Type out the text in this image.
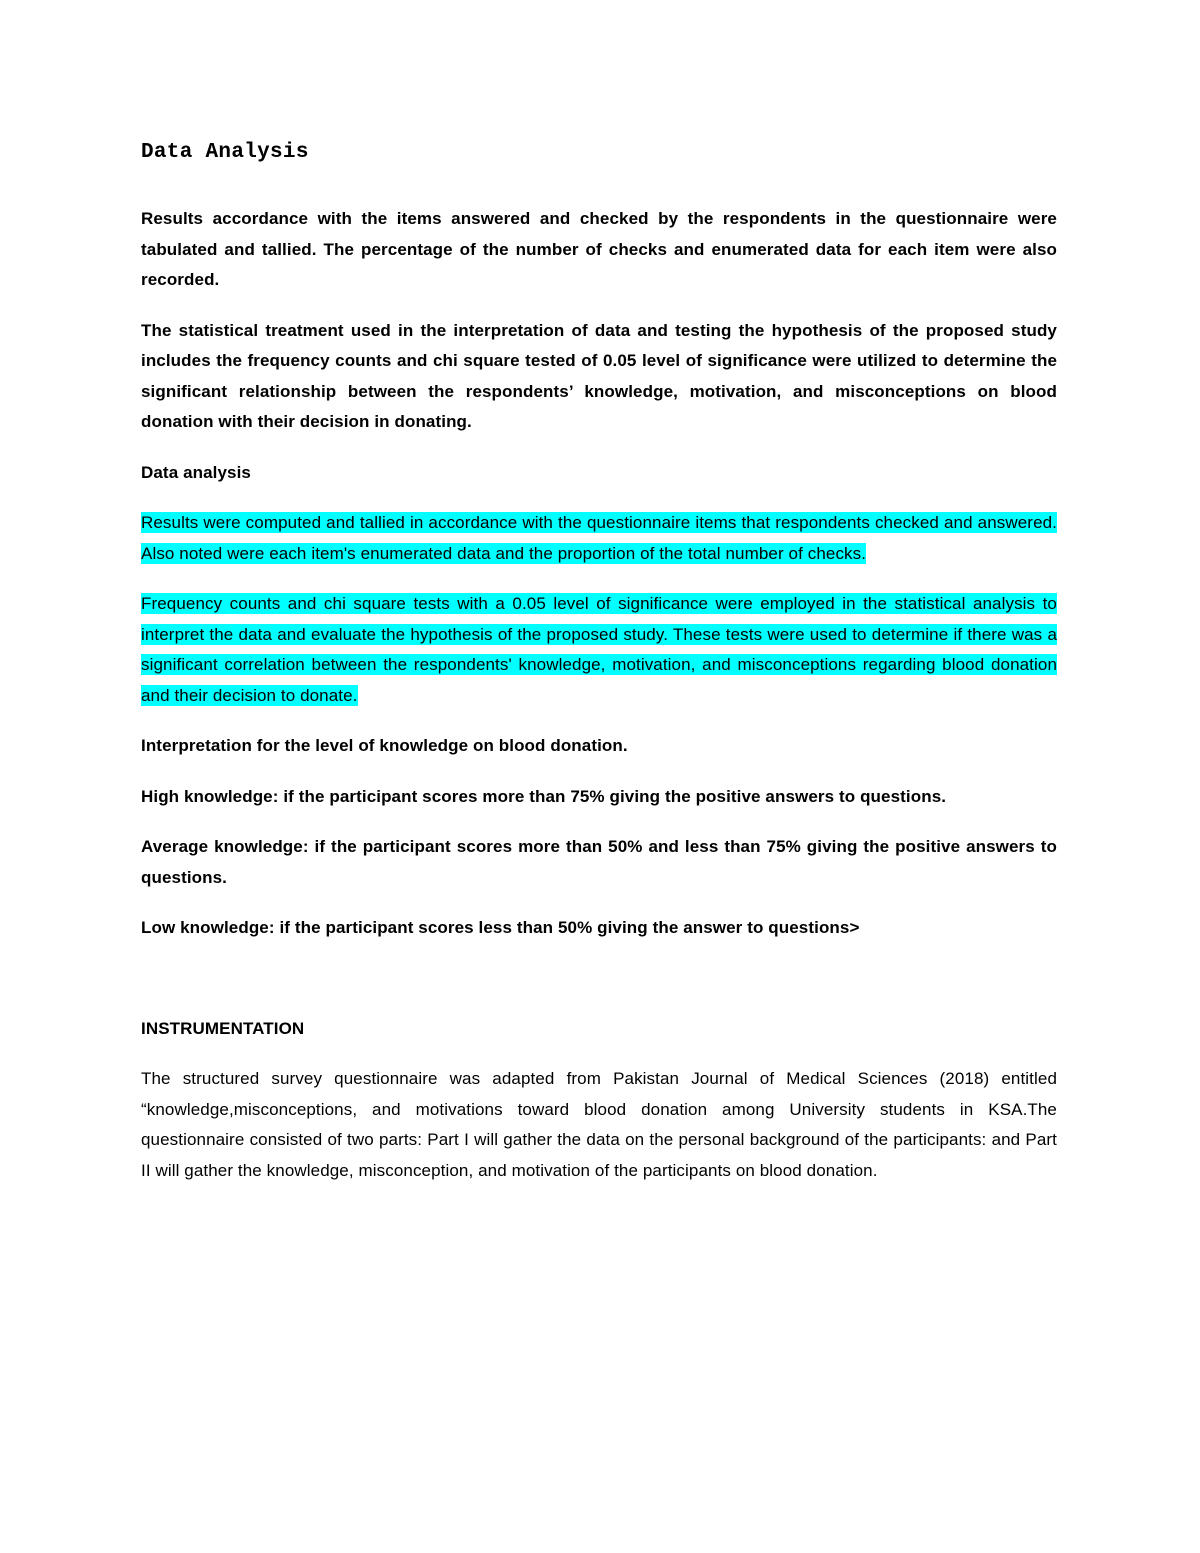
Data Analysis

Results accordance with the items answered and checked by the respondents in the questionnaire were tabulated and tallied. The percentage of the number of checks and enumerated data for each item were also recorded.

The statistical treatment used in the interpretation of data and testing the hypothesis of the proposed study includes the frequency counts and chi square tested of 0.05 level of significance were utilized to determine the significant relationship between the respondents’ knowledge, motivation, and misconceptions on blood donation with their decision in donating.

Data analysis

Results were computed and tallied in accordance with the questionnaire items that respondents checked and answered. Also noted were each item's enumerated data and the proportion of the total number of checks.

Frequency counts and chi square tests with a 0.05 level of significance were employed in the statistical analysis to interpret the data and evaluate the hypothesis of the proposed study. These tests were used to determine if there was a significant correlation between the respondents' knowledge, motivation, and misconceptions regarding blood donation and their decision to donate.

Interpretation for the level of knowledge on blood donation.

High knowledge: if the participant scores more than 75% giving the positive answers to questions.

Average knowledge: if the participant scores more than 50% and less than 75% giving the positive answers to questions.

Low knowledge: if the participant scores less than 50% giving the answer to questions>

INSTRUMENTATION

The structured survey questionnaire was adapted from Pakistan Journal of Medical Sciences (2018) entitled “knowledge,misconceptions, and motivations toward blood donation among University students in KSA.The questionnaire consisted of two parts: Part I will gather the data on the personal background of the participants: and Part II will gather the knowledge, misconception, and motivation of the participants on blood donation.
